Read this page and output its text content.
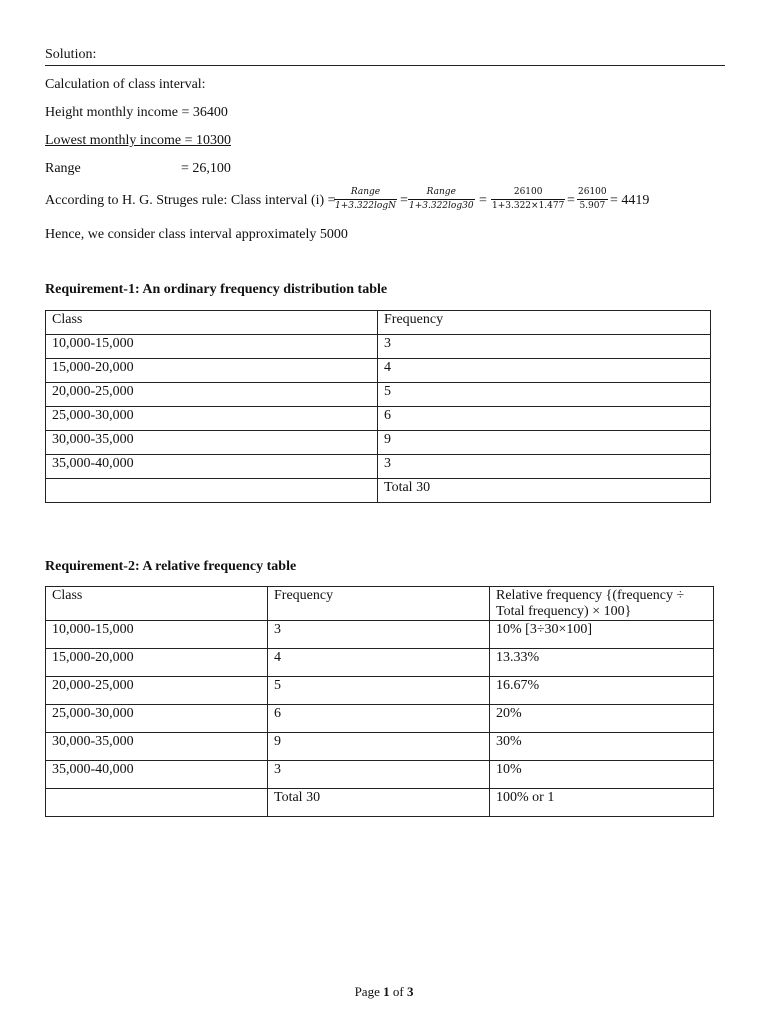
Solution:
Calculation of class interval:
Height monthly income = 36400
Lowest monthly income = 10300
Range	= 26,100
According to H. G. Struges rule: Class interval (i) =
Range
1+3.322logN =
Range
1+3.322log30 =
26100
1+3.322×1.477 =
26100
5.907 = 4419
Hence, we consider class interval approximately 5000
Requirement-1: An ordinary frequency distribution table
Class	Frequency
10,000-15,000	3
15,000-20,000	4
20,000-25,000	5
25,000-30,000	6
30,000-35,000	9
35,000-40,000	3
	Total 30
Requirement-2: A relative frequency table
Class	Frequency	Relative frequency {(frequency ÷ Total frequency) × 100}
10,000-15,000	3	10% [3÷30×100]
15,000-20,000	4	13.33%
20,000-25,000	5	16.67%
25,000-30,000	6	20%
30,000-35,000	9	30%
35,000-40,000	3	10%
	Total 30	100% or 1
Page 1 of 3
